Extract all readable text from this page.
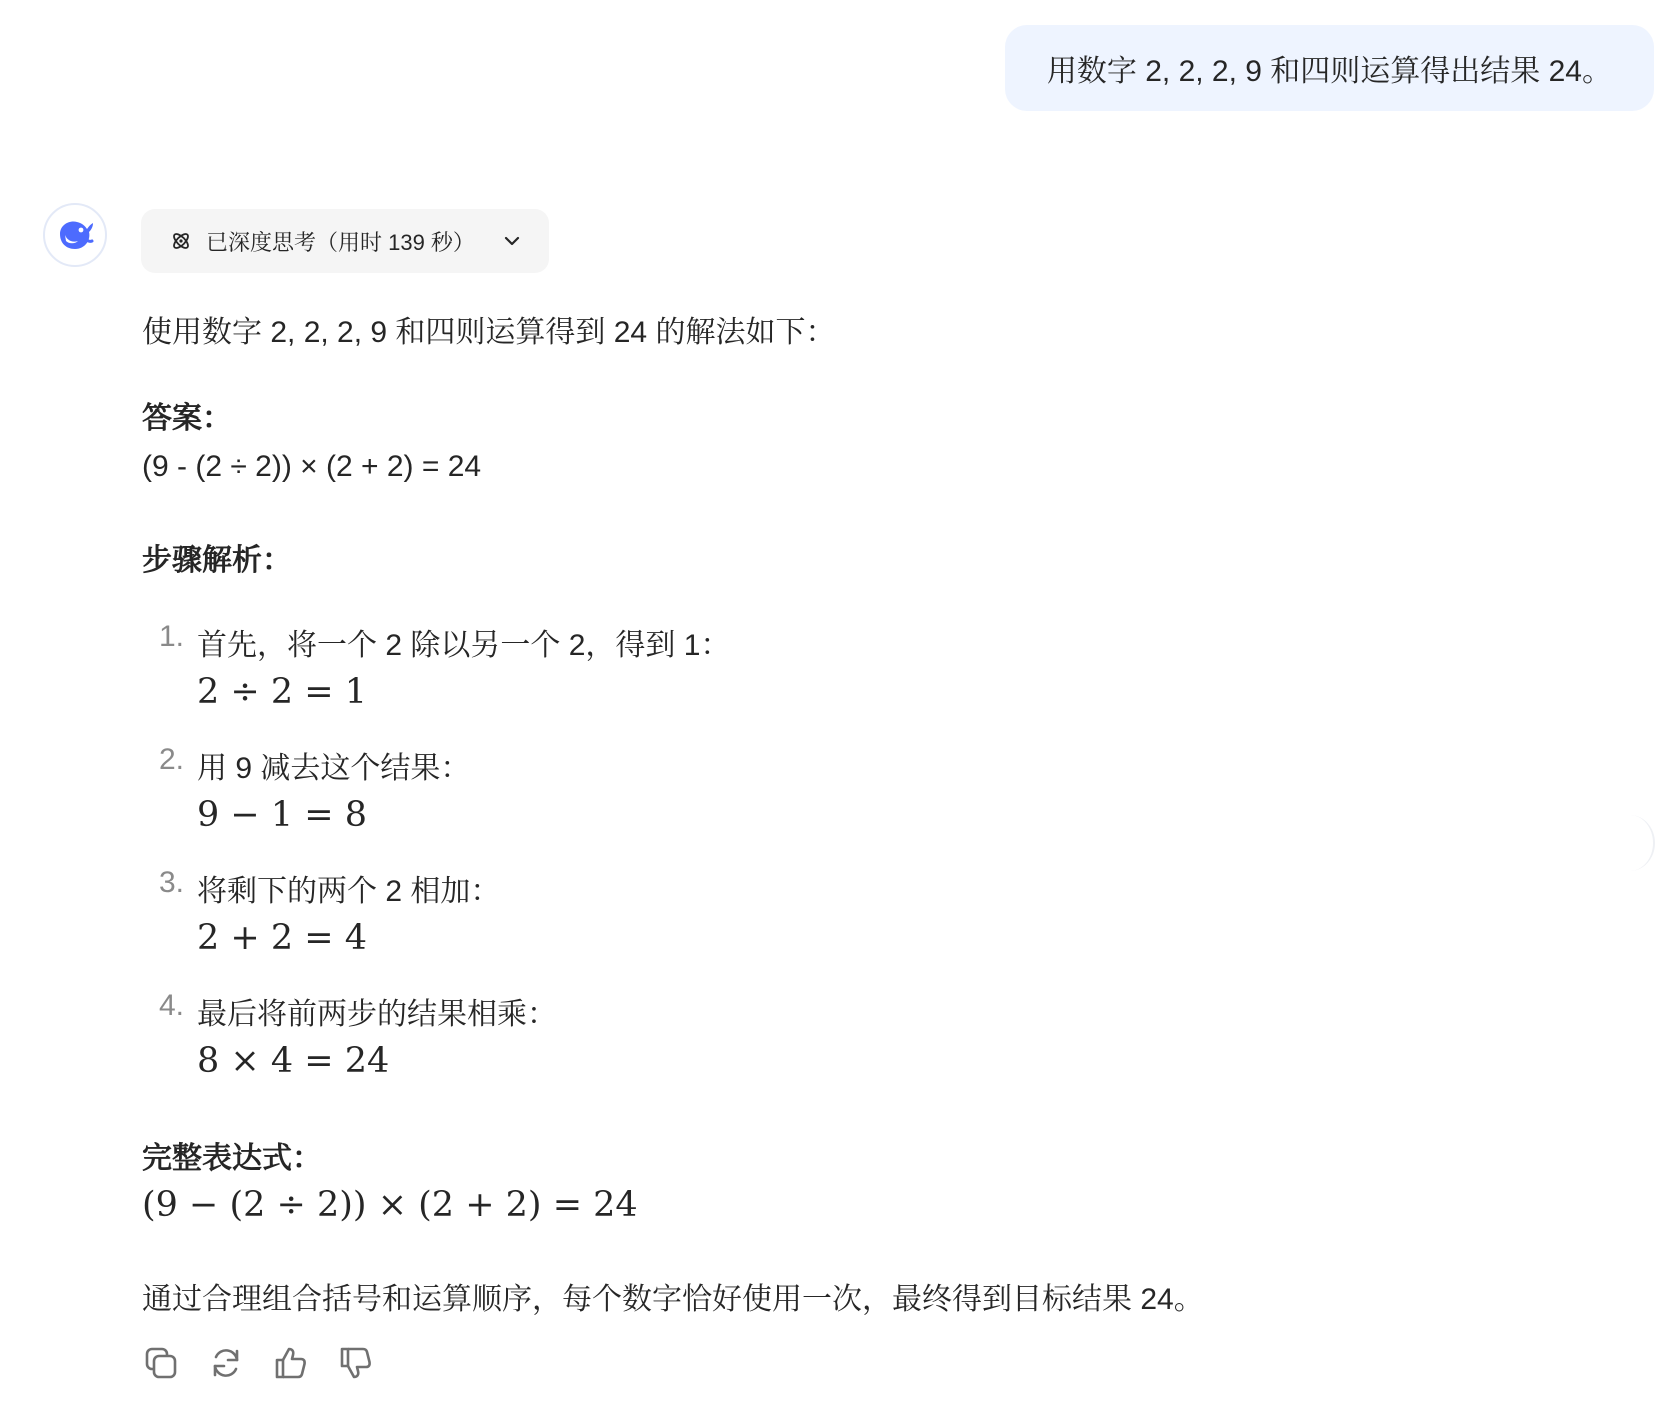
用数字 2, 2, 2, 9 和四则运算得出结果 24。
已深度思考（用时 139 秒）
使用数字 2, 2, 2, 9 和四则运算得到 24 的解法如下：
答案：
(9 - (2 ÷ 2)) × (2 + 2) = 24
步骤解析：
1. 首先，将一个 2 除以另一个 2，得到 1：
2 ÷ 2 = 1
2. 用 9 减去这个结果：
9 − 1 = 8
3. 将剩下的两个 2 相加：
2 + 2 = 4
4. 最后将前两步的结果相乘：
8 × 4 = 24
完整表达式：
(9 − (2 ÷ 2)) × (2 + 2) = 24
通过合理组合括号和运算顺序，每个数字恰好使用一次，最终得到目标结果 24。
